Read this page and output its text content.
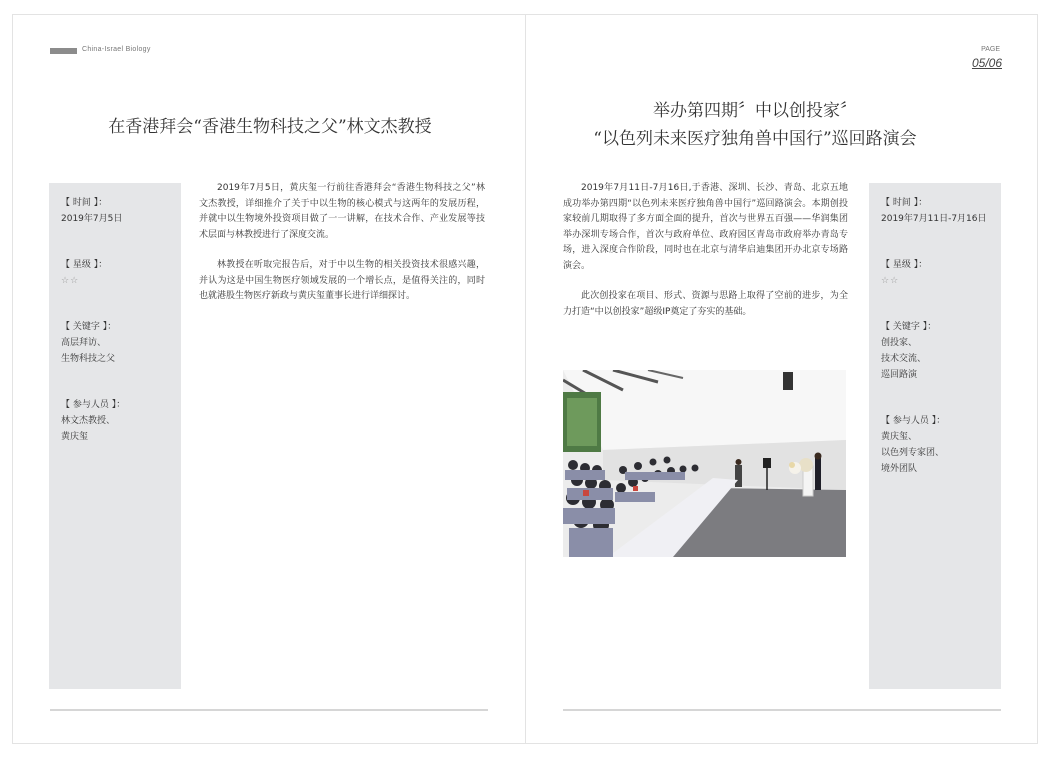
China-Israel Biology	PAGE
05/06
在香港拜会“香港生物科技之父”林文杰教授
【 时间 】：
2019年7月5日
【 星级 】：
☆☆
【 关键字 】：
高层拜访、
生物科技之父
【 参与人员 】：
林文杰教授、
黄庆玺

2019年7月5日，黄庆玺一行前往香港拜会“香港生物科技之父”林文杰教授，详细推介了关于中以生物的核心模式与这两年的发展历程，并就中以生物境外投资项目做了一一讲解，在技术合作、产业发展等技术层面与林教授进行了深度交流。

林教授在听取完报告后，对于中以生物的相关投资技术很感兴趣，并认为这是中国生物医疗领域发展的一个增长点，是值得关注的，同时也就港股生物医疗新政与黄庆玺董事长进行详细探讨。

举办第四期〞中以创投家〞
“以色列未来医疗独角兽中国行”巡回路演会

2019年7月11日-7月16日,于香港、深圳、长沙、青岛、北京五地成功举办第四期“以色列未来医疗独角兽中国行”巡回路演会。本期创投家较前几期取得了多方面全面的提升，首次与世界五百强——华润集团举办深圳专场合作，首次与政府单位、政府园区青岛市政府举办青岛专场，进入深度合作阶段，同时也在北京与清华启迪集团开办北京专场路演会。

此次创投家在项目、形式、资源与思路上取得了空前的进步，为全力打造“中以创投家”超级IP奠定了夯实的基础。

【 时间 】：
2019年7月11日-7月16日
【 星级 】：
☆☆
【 关键字 】：
创投家、
技术交流、
巡回路演
【 参与人员 】：
黄庆玺、
以色列专家团、
境外团队
